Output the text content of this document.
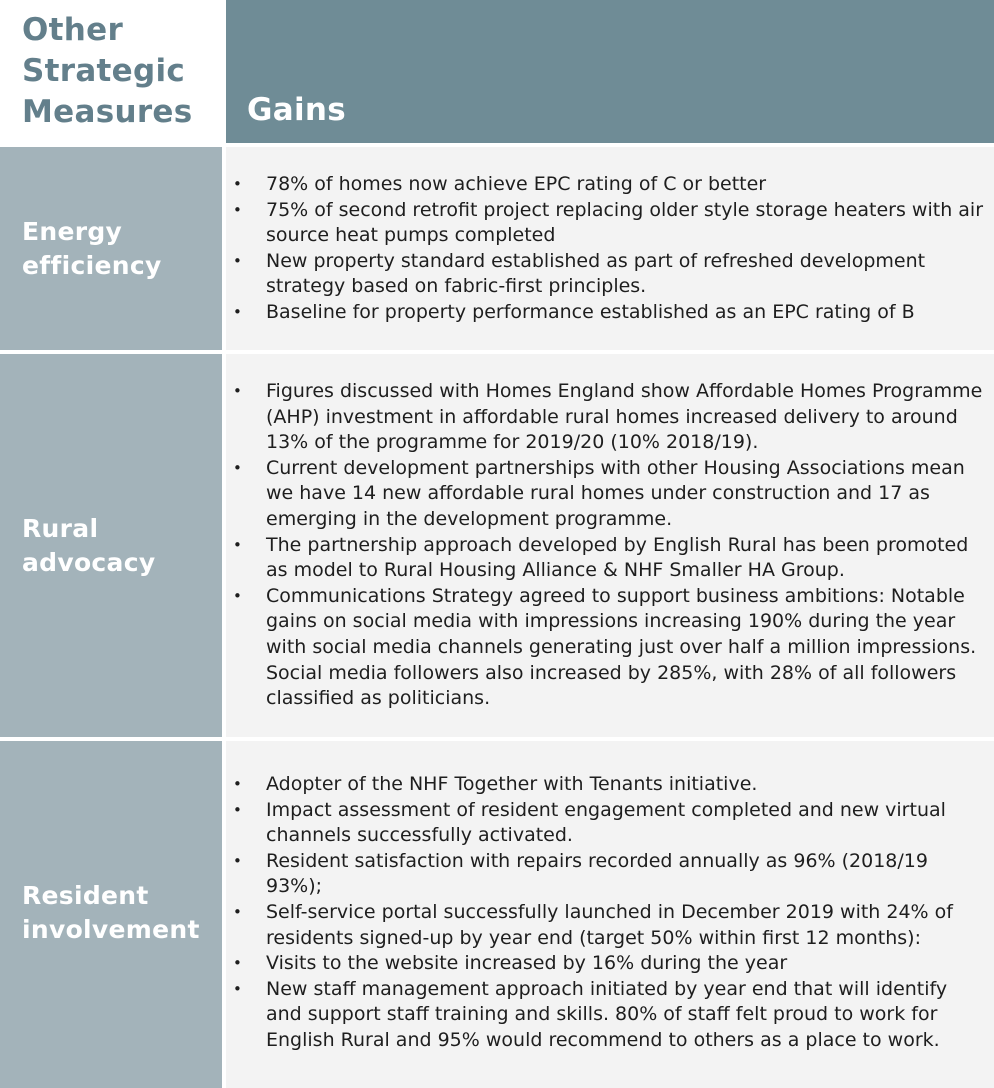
Other
Strategic
Measures Gains
Energy
efficiency
• 78% of homes now achieve EPC rating of C or better
• 75% of second retrofit project replacing older style storage heaters with air source heat pumps completed
• New property standard established as part of refreshed development strategy based on fabric-first principles.
• Baseline for property performance established as an EPC rating of B
Rural
advocacy
• Figures discussed with Homes England show Affordable Homes Programme (AHP) investment in affordable rural homes increased delivery to around 13% of the programme for 2019/20 (10% 2018/19).
• Current development partnerships with other Housing Associations mean we have 14 new affordable rural homes under construction and 17 as emerging in the development programme.
• The partnership approach developed by English Rural has been promoted as model to Rural Housing Alliance & NHF Smaller HA Group.
• Communications Strategy agreed to support business ambitions: Notable gains on social media with impressions increasing 190% during the year with social media channels generating just over half a million impressions. Social media followers also increased by 285%, with 28% of all followers classified as politicians.
Resident
involvement
• Adopter of the NHF Together with Tenants initiative.
• Impact assessment of resident engagement completed and new virtual channels successfully activated.
• Resident satisfaction with repairs recorded annually as 96% (2018/19 93%);
• Self-service portal successfully launched in December 2019 with 24% of residents signed-up by year end (target 50% within first 12 months):
• Visits to the website increased by 16% during the year
• New staff management approach initiated by year end that will identify and support staff training and skills. 80% of staff felt proud to work for English Rural and 95% would recommend to others as a place to work.
